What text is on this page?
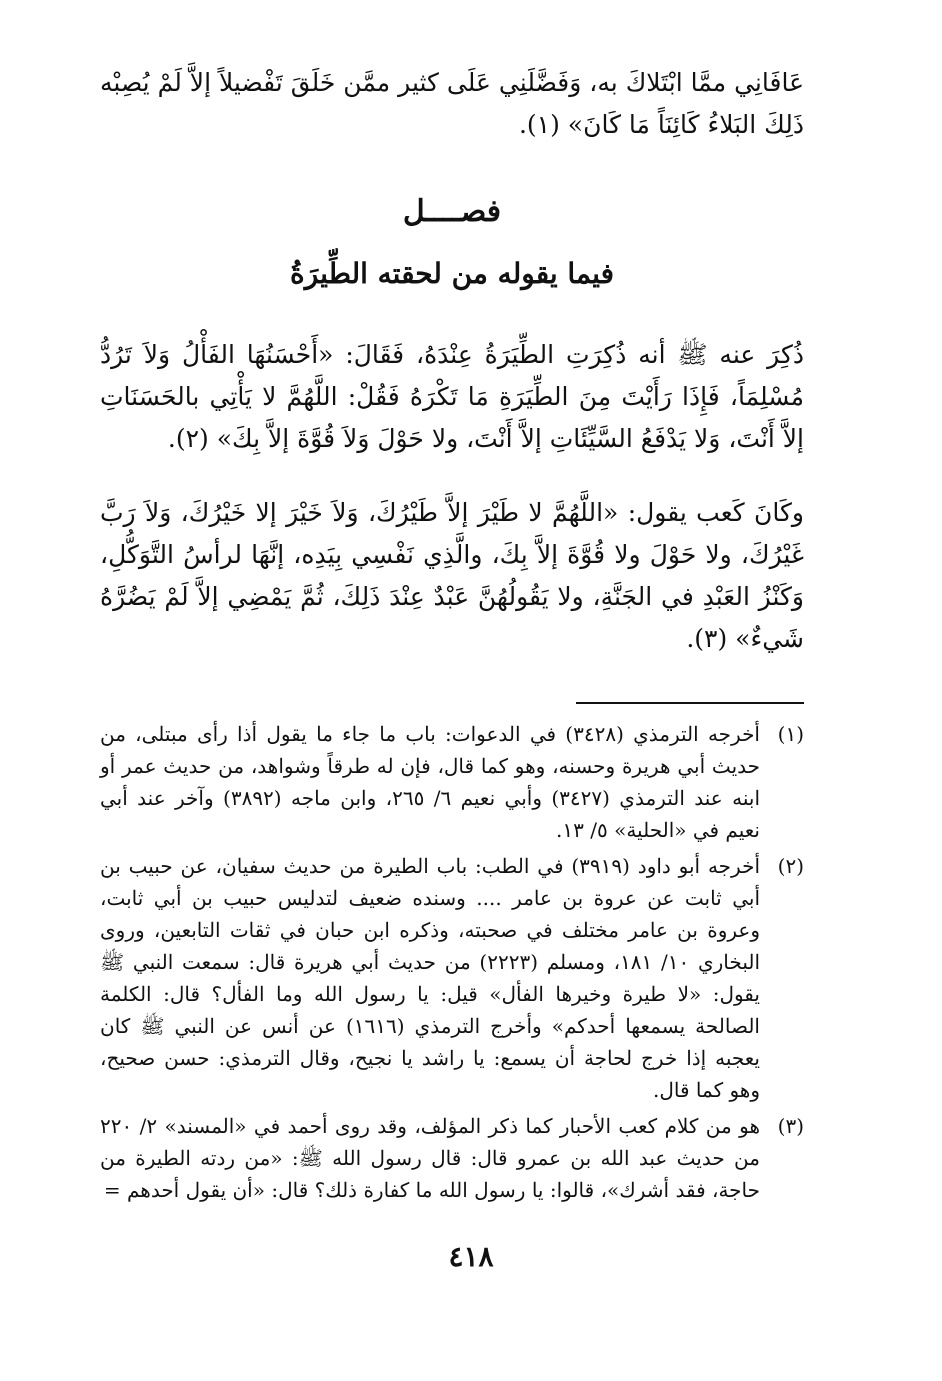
عَافَانِي ممَّا ابْتَلاكَ به، وَفَضَّلَنِي عَلَى كثير ممَّن خَلَقَ تَفْضيلاً إلاَّ لَمْ يُصِبْه ذَلِكَ البَلاءُ كَائِنَاً مَا كَانَ» (١).

فصــــل
فيما يقوله من لحقته الطِّيرَةُ

ذُكِرَ عنه ﷺ أنه ذُكِرَتِ الطِّيَرَةُ عِنْدَهُ، فَقَالَ: «أَحْسَنُهَا الفَأْلُ وَلاَ تَرُدُّ مُسْلِمَاً، فَإِذَا رَأَيْتَ مِنَ الطِّيَرَةِ مَا تَكْرَهُ فَقُلْ: اللَّهُمَّ لا يَأْتِي بالحَسَنَاتِ إلاَّ أَنْتَ، وَلا يَدْفَعُ السَّيِّئَاتِ إلاَّ أَنْتَ، ولا حَوْلَ وَلاَ قُوَّةَ إلاَّ بِكَ» (٢).

وكَانَ كَعب يقول: «اللَّهُمَّ لا طَيْرَ إلاَّ طَيْرُكَ، وَلاَ خَيْرَ إلا خَيْرُكَ، وَلاَ رَبَّ غَيْرُكَ، ولا حَوْلَ ولا قُوَّةَ إلاَّ بِكَ، والَّذِي نَفْسِي بِيَدِه، إنَّهَا لرأسُ التَّوَكُّلِ، وَكَنْزُ العَبْدِ في الجَنَّةِ، ولا يَقُولُهُنَّ عَبْدٌ عِنْدَ ذَلِكَ، ثُمَّ يَمْضِي إلاَّ لَمْ يَضُرَّهُ شَيءٌ» (٣).

(١)
أخرجه الترمذي (٣٤٢٨) في الدعوات: باب ما جاء ما يقول أذا رأى مبتلى، من حديث أبي هريرة وحسنه، وهو كما قال، فإن له طرقاً وشواهد، من حديث عمر أو ابنه عند الترمذي (٣٤٢٧) وأبي نعيم ٦/ ٢٦٥، وابن ماجه (٣٨٩٢) وآخر عند أبي نعيم في «الحلية» ٥/ ١٣.
(٢)
أخرجه أبو داود (٣٩١٩) في الطب: باب الطيرة من حديث سفيان، عن حبيب بن أبي ثابت عن عروة بن عامر .... وسنده ضعيف لتدليس حبيب بن أبي ثابت، وعروة بن عامر مختلف في صحبته، وذكره ابن حبان في ثقات التابعين، وروى البخاري ١٠/ ١٨١، ومسلم (٢٢٢٣) من حديث أبي هريرة قال: سمعت النبي ﷺ يقول: «لا طيرة وخيرها الفأل» قيل: يا رسول الله وما الفأل؟ قال: الكلمة الصالحة يسمعها أحدكم» وأخرج الترمذي (١٦١٦) عن أنس عن النبي ﷺ كان يعجبه إذا خرج لحاجة أن يسمع: يا راشد يا نجيح، وقال الترمذي: حسن صحيح، وهو كما قال.
(٣)
هو من كلام كعب الأحبار كما ذكر المؤلف، وقد روى أحمد في «المسند» ٢/ ٢٢٠ من حديث عبد الله بن عمرو قال: قال رسول الله ﷺ: «من ردته الطيرة من حاجة، فقد أشرك»، قالوا: يا رسول الله ما كفارة ذلك؟ قال: «أن يقول أحدهم =
٤١٨
